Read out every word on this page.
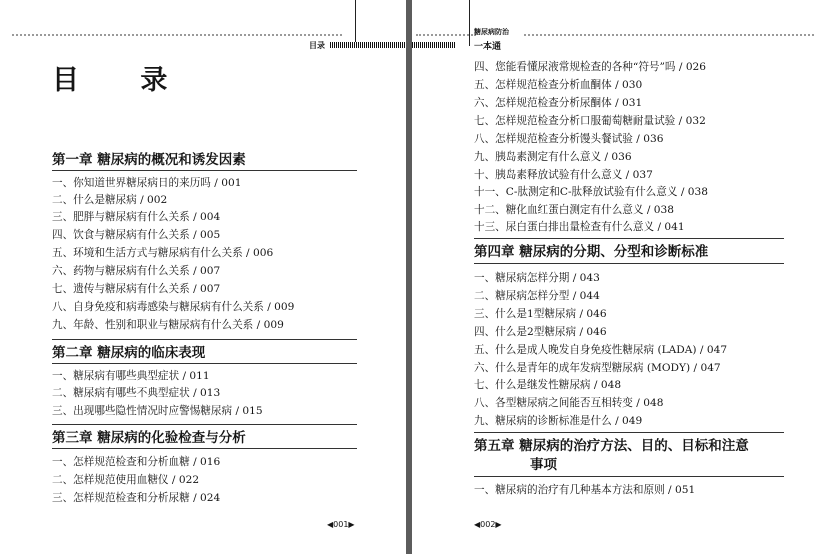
目录
目 录
第一章 糖尿病的概况和诱发因素
一、你知道世界糖尿病日的来历吗 / 001
二、什么是糖尿病 / 002
三、肥胖与糖尿病有什么关系 / 004
四、饮食与糖尿病有什么关系 / 005
五、环境和生活方式与糖尿病有什么关系 / 006
六、药物与糖尿病有什么关系 / 007
七、遗传与糖尿病有什么关系 / 007
八、自身免疫和病毒感染与糖尿病有什么关系 / 009
九、年龄、性别和职业与糖尿病有什么关系 / 009
第二章 糖尿病的临床表现
一、糖尿病有哪些典型症状 / 011
二、糖尿病有哪些不典型症状 / 013
三、出现哪些隐性情况时应警惕糖尿病 / 015
第三章 糖尿病的化验检查与分析
一、怎样规范检查和分析血糖 / 016
二、怎样规范使用血糖仪 / 022
三、怎样规范检查和分析尿糖 / 024
◀001▶
糖尿病防治
一本通
四、您能看懂尿液常规检查的各种“符号”吗 / 026
五、怎样规范检查分析血酮体 / 030
六、怎样规范检查分析尿酮体 / 031
七、怎样规范检查分析口服葡萄糖耐量试验 / 032
八、怎样规范检查分析馒头餐试验 / 036
九、胰岛素测定有什么意义 / 036
十、胰岛素释放试验有什么意义 / 037
十一、C-肽测定和C-肽释放试验有什么意义 / 038
十二、糖化血红蛋白测定有什么意义 / 038
十三、尿白蛋白排出量检查有什么意义 / 041
第四章 糖尿病的分期、分型和诊断标准
一、糖尿病怎样分期 / 043
二、糖尿病怎样分型 / 044
三、什么是1型糖尿病 / 046
四、什么是2型糖尿病 / 046
五、什么是成人晚发自身免疫性糖尿病 (LADA) / 047
六、什么是青年的成年发病型糖尿病 (MODY) / 047
七、什么是继发性糖尿病 / 048
八、各型糖尿病之间能否互相转变 / 048
九、糖尿病的诊断标准是什么 / 049
第五章 糖尿病的治疗方法、目的、目标和注意
事项
一、糖尿病的治疗有几种基本方法和原则 / 051
◀002▶
